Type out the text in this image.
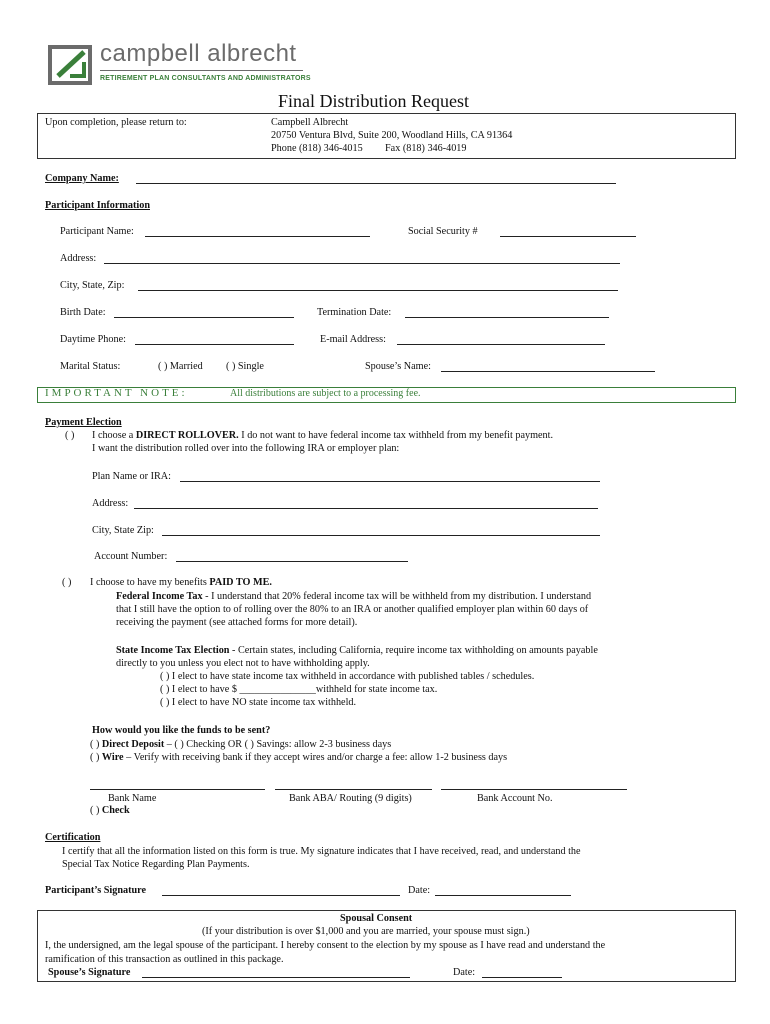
campbell albrecht
RETIREMENT PLAN CONSULTANTS AND ADMINISTRATORS
Final Distribution Request
Upon completion, please return to:	Campbell Albrecht
20750 Ventura Blvd, Suite 200, Woodland Hills, CA 91364
Phone (818) 346-4015 Fax (818) 346-4019
Company Name:
Participant Information
Participant Name:	Social Security #
Address:
City, State, Zip:
Birth Date:	Termination Date:
Daytime Phone:	E-mail Address:
Marital Status:	( ) Married ( ) Single	Spouse’s Name:
IMPORTANT NOTE:	All distributions are subject to a processing fee.
Payment Election
( ) I choose a DIRECT ROLLOVER. I do not want to have federal income tax withheld from my benefit payment.
I want the distribution rolled over into the following IRA or employer plan:
Plan Name or IRA:
Address:
City, State Zip:
Account Number:
( ) I choose to have my benefits PAID TO ME.
Federal Income Tax - I understand that 20% federal income tax will be withheld from my distribution. I understand
that I still have the option to of rolling over the 80% to an IRA or another qualified employer plan within 60 days of
receiving the payment (see attached forms for more detail).
State Income Tax Election - Certain states, including California, require income tax withholding on amounts payable
directly to you unless you elect not to have withholding apply.
( ) I elect to have state income tax withheld in accordance with published tables / schedules.
( ) I elect to have $ _______________withheld for state income tax.
( ) I elect to have NO state income tax withheld.
How would you like the funds to be sent?
( ) Direct Deposit – ( ) Checking OR ( ) Savings: allow 2-3 business days
( ) Wire – Verify with receiving bank if they accept wires and/or charge a fee: allow 1-2 business days
Bank Name	Bank ABA/ Routing (9 digits)	Bank Account No.
( ) Check
Certification
I certify that all the information listed on this form is true. My signature indicates that I have received, read, and understand the
Special Tax Notice Regarding Plan Payments.
Participant’s Signature	Date:
Spousal Consent
(If your distribution is over $1,000 and you are married, your spouse must sign.)
I, the undersigned, am the legal spouse of the participant. I hereby consent to the election by my spouse as I have read and understand the
ramification of this transaction as outlined in this package.
Spouse’s Signature	Date:
